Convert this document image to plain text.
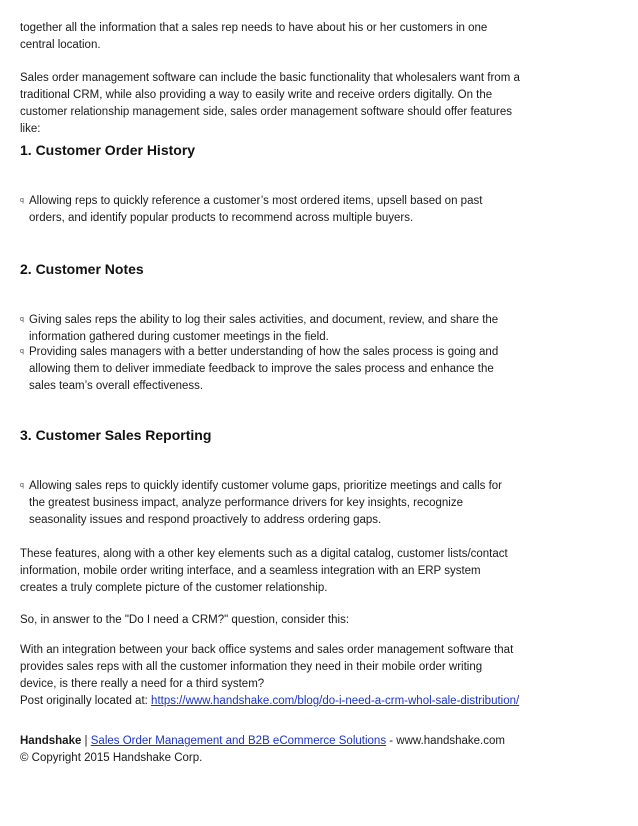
together all the information that a sales rep needs to have about his or her customers in one central location.

Sales order management software can include the basic functionality that wholesalers want from a traditional CRM, while also providing a way to easily write and receive orders digitally. On the customer relationship management side, sales order management software should offer features like:

1. Customer Order History
q Allowing reps to quickly reference a customer’s most ordered items, upsell based on past orders, and identify popular products to recommend across multiple buyers.
2. Customer Notes
q Giving sales reps the ability to log their sales activities, and document, review, and share the information gathered during customer meetings in the field.
q Providing sales managers with a better understanding of how the sales process is going and allowing them to deliver immediate feedback to improve the sales process and enhance the sales team’s overall effectiveness.
3. Customer Sales Reporting
q Allowing sales reps to quickly identify customer volume gaps, prioritize meetings and calls for the greatest business impact, analyze performance drivers for key insights, recognize seasonality issues and respond proactively to address ordering gaps.

These features, along with a other key elements such as a digital catalog, customer lists/contact information, mobile order writing interface, and a seamless integration with an ERP system creates a truly complete picture of the customer relationship.

So, in answer to the "Do I need a CRM?" question, consider this:

With an integration between your back office systems and sales order management software that provides sales reps with all the customer information they need in their mobile order writing device, is there really a need for a third system?
Post originally located at: https://www.handshake.com/blog/do-i-need-a-crm-whol-sale-distribution/

Handshake | Sales Order Management and B2B eCommerce Solutions - www.handshake.com
© Copyright 2015 Handshake Corp.
